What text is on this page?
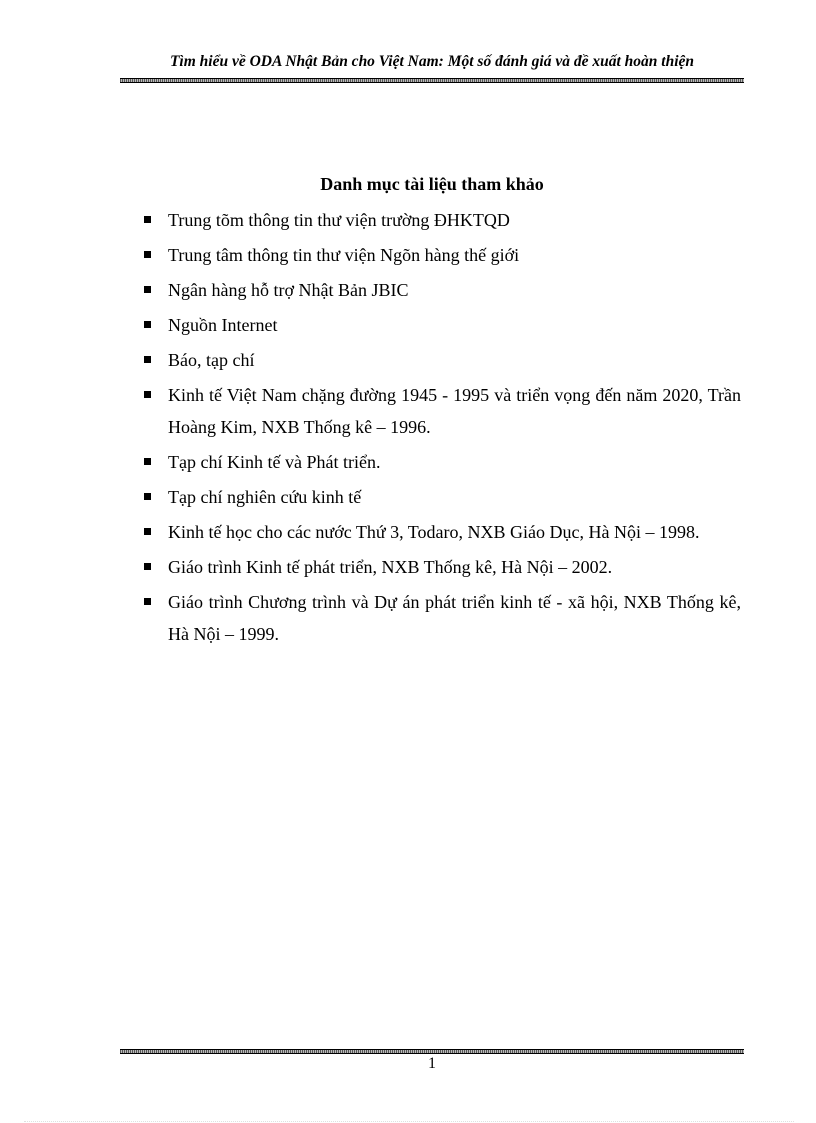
Tìm hiểu về ODA Nhật Bản cho Việt Nam: Một số đánh giá và đề xuất hoàn thiện
Danh mục tài liệu tham khảo
Trung tõm thông tin thư viện trường ĐHKTQD
Trung tâm thông tin thư viện Ngõn hàng thế giới
Ngân hàng hỗ trợ Nhật Bản JBIC
Nguồn Internet
Báo, tạp chí
Kinh tế Việt Nam chặng đường 1945 - 1995 và triển vọng đến năm 2020, Trần Hoàng Kim, NXB Thống kê – 1996.
Tạp chí Kinh tế và Phát triển.
Tạp chí nghiên cứu kinh tế
Kinh tế học cho các nước Thứ 3, Todaro, NXB Giáo Dục, Hà Nội – 1998.
Giáo trình Kinh tế phát triển, NXB Thống kê, Hà Nội – 2002.
Giáo trình Chương trình và Dự án phát triển kinh tế - xã hội, NXB Thống kê, Hà Nội – 1999.
1
